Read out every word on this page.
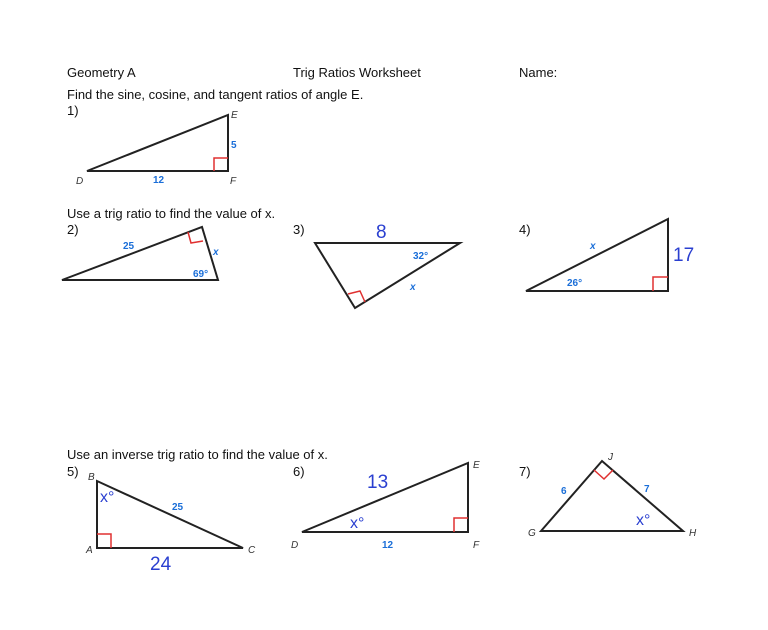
Geometry A	Trig Ratios Worksheet	Name:
Find the sine, cosine, and tangent ratios of angle E.
1)
Use a trig ratio to find the value of x.
2)	3)	4)
Use an inverse trig ratio to find the value of x.
5)	6)	7)
E
D	F
5
12
25
x
69°
8
32°
x
x	17
26°
B
A	C
x°
25
24
E
D	F
13
x°
12
J
G	H
6	7
x°
